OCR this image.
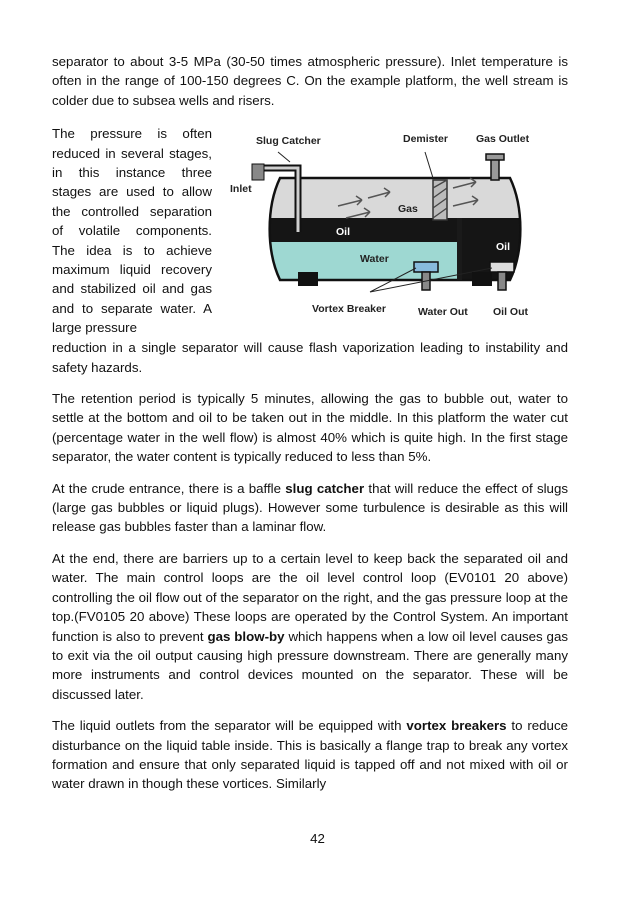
separator to about 3-5 MPa (30-50 times atmospheric pressure). Inlet temperature is often in the range of 100-150 degrees C. On the example platform, the well stream is colder due to subsea wells and risers.

The pressure is often reduced in several stages, in this instance three stages are used to allow the controlled separation of volatile components. The idea is to achieve maximum liquid recovery and stabilized oil and gas and to separate water. A large pressure

Slug Catcher	Demister	Gas Outlet
Inlet
Gas
Oil
Oil
Water
Vortex Breaker	Water Out Oil Out

reduction in a single separator will cause flash vaporization leading to instability and safety hazards.

The retention period is typically 5 minutes, allowing the gas to bubble out, water to settle at the bottom and oil to be taken out in the middle. In this platform the water cut (percentage water in the well flow) is almost 40% which is quite high. In the first stage separator, the water content is typically reduced to less than 5%.

At the crude entrance, there is a baffle slug catcher that will reduce the effect of slugs (large gas bubbles or liquid plugs). However some turbulence is desirable as this will release gas bubbles faster than a laminar flow.

At the end, there are barriers up to a certain level to keep back the separated oil and water. The main control loops are the oil level control loop (EV0101 20 above) controlling the oil flow out of the separator on the right, and the gas pressure loop at the top.(FV0105 20 above) These loops are operated by the Control System. An important function is also to prevent gas blow-by which happens when a low oil level causes gas to exit via the oil output causing high pressure downstream. There are generally many more instruments and control devices mounted on the separator. These will be discussed later.

The liquid outlets from the separator will be equipped with vortex breakers to reduce disturbance on the liquid table inside. This is basically a flange trap to break any vortex formation and ensure that only separated liquid is tapped off and not mixed with oil or water drawn in though these vortices. Similarly

42
